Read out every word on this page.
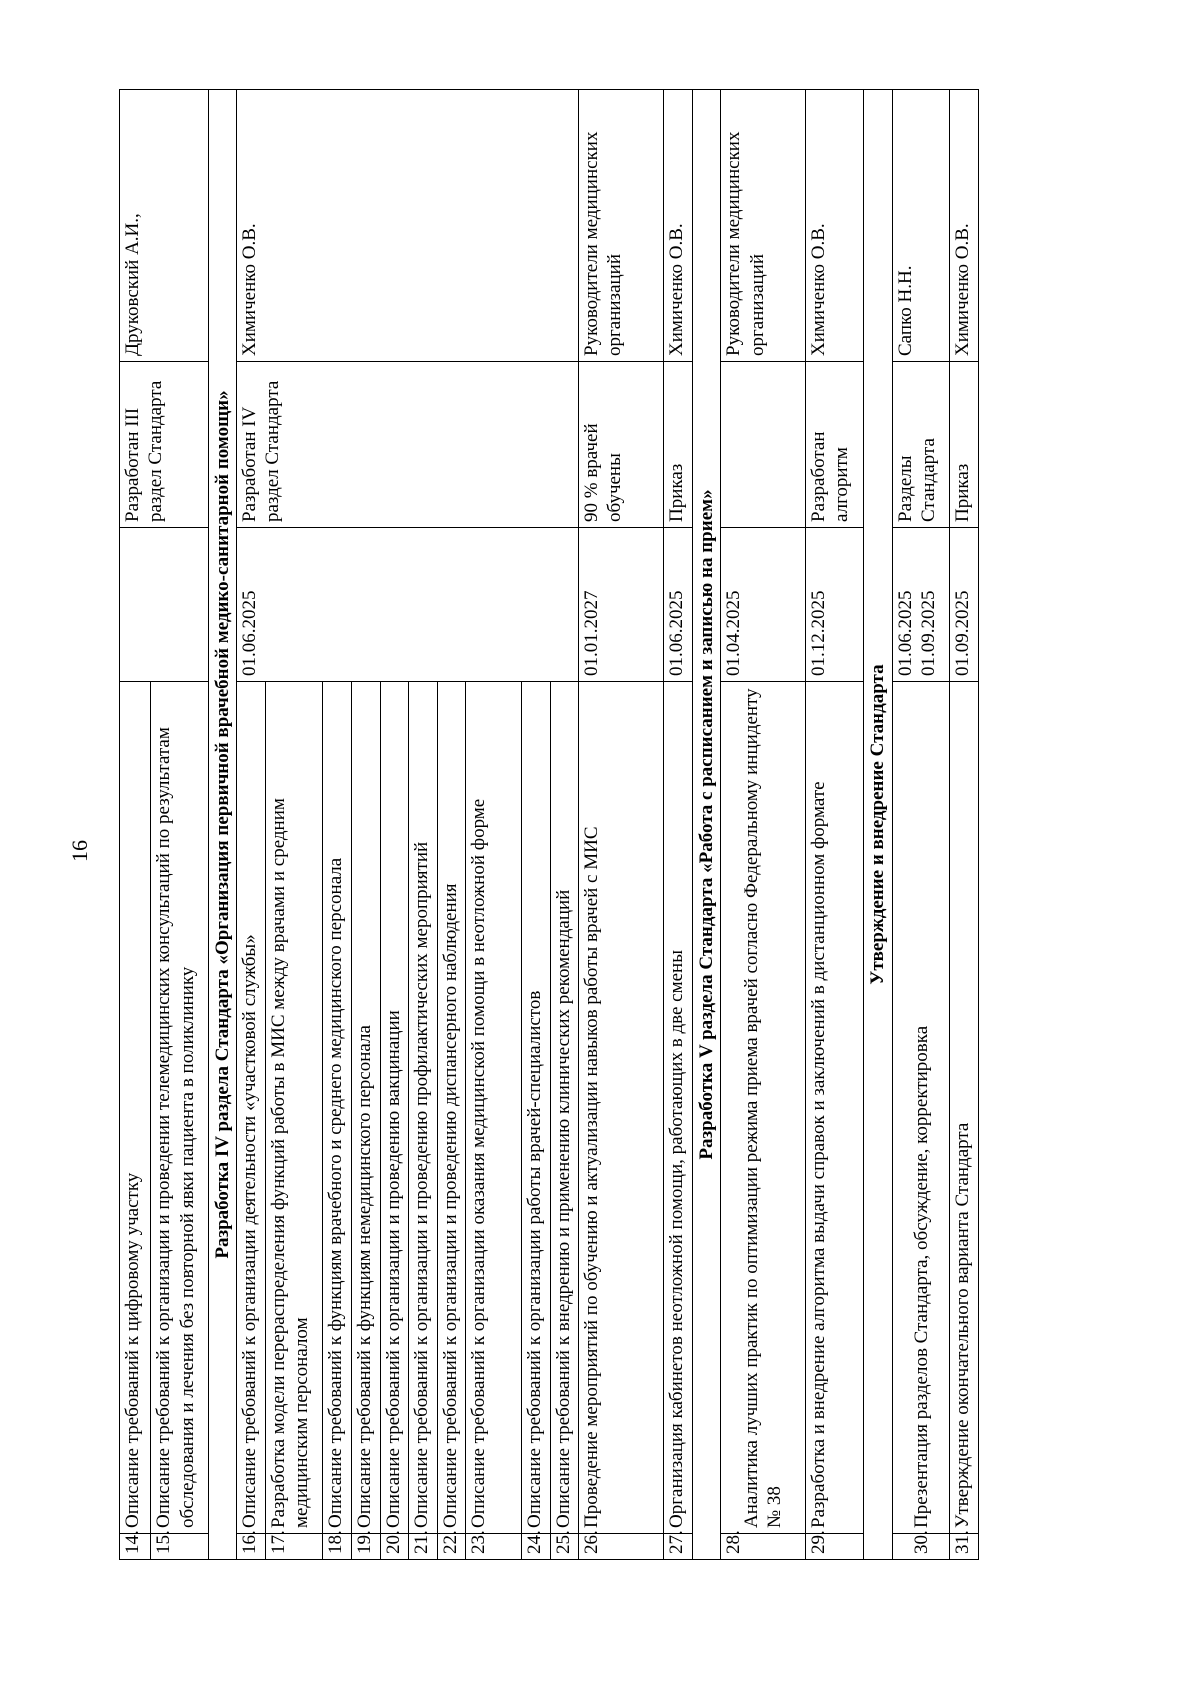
16
14.	Описание требований к цифровому участку		Разработан III раздел Стандарта	Друковский А.И.,
15.	Описание требований к организации и проведении телемедицинских консультаций по результатам обследования и лечения без повторной явки пациента в поликлинику			
Разработка IV раздела Стандарта «Организация первичной врачебной медико-санитарной помощи»				
16.	Описание требований к организации деятельности «участковой службы»	01.06.2025	Разработан IV раздел Стандарта	Химиченко О.В.
17.	Разработка модели перераспределения функций работы в МИС между врачами и средним медицинским персоналом			
18.	Описание требований к функциям врачебного и среднего медицинского персонала			
19.	Описание требований к функциям немедицинского персонала			
20.	Описание требований к организации и проведению вакцинации			
21.	Описание требований к организации и проведению профилактических мероприятий			
22.	Описание требований к организации и проведению диспансерного наблюдения			
23.	Описание требований к организации оказания медицинской помощи в неотложной форме			
24.	Описание требований к организации работы врачей-специалистов			
25.	Описание требований к внедрению и применению клинических рекомендаций			
26.	Проведение мероприятий по обучению и актуализации навыков работы врачей с МИС	01.01.2027	90 % врачей обучены	Руководители медицинских организаций
27.	Организация кабинетов неотложной помощи, работающих в две смены	01.06.2025	Приказ	Химиченко О.В.
Разработка V раздела Стандарта «Работа с расписанием и записью на прием»				
28.	Аналитика лучших практик по оптимизации режима приема врачей согласно Федеральному инциденту № 38	01.04.2025		Руководители медицинских организаций
29.	Разработка и внедрение алгоритма выдачи справок и заключений в дистанционном формате	01.12.2025	Разработан алгоритм	Химиченко О.В.
Утверждение и внедрение Стандарта				
30.	Презентация разделов Стандарта, обсуждение, корректировка	01.06.2025 01.09.2025	Разделы Стандарта	Сапко Н.Н.
31.	Утверждение окончательного варианта Стандарта	01.09.2025	Приказ	Химиченко О.В.
